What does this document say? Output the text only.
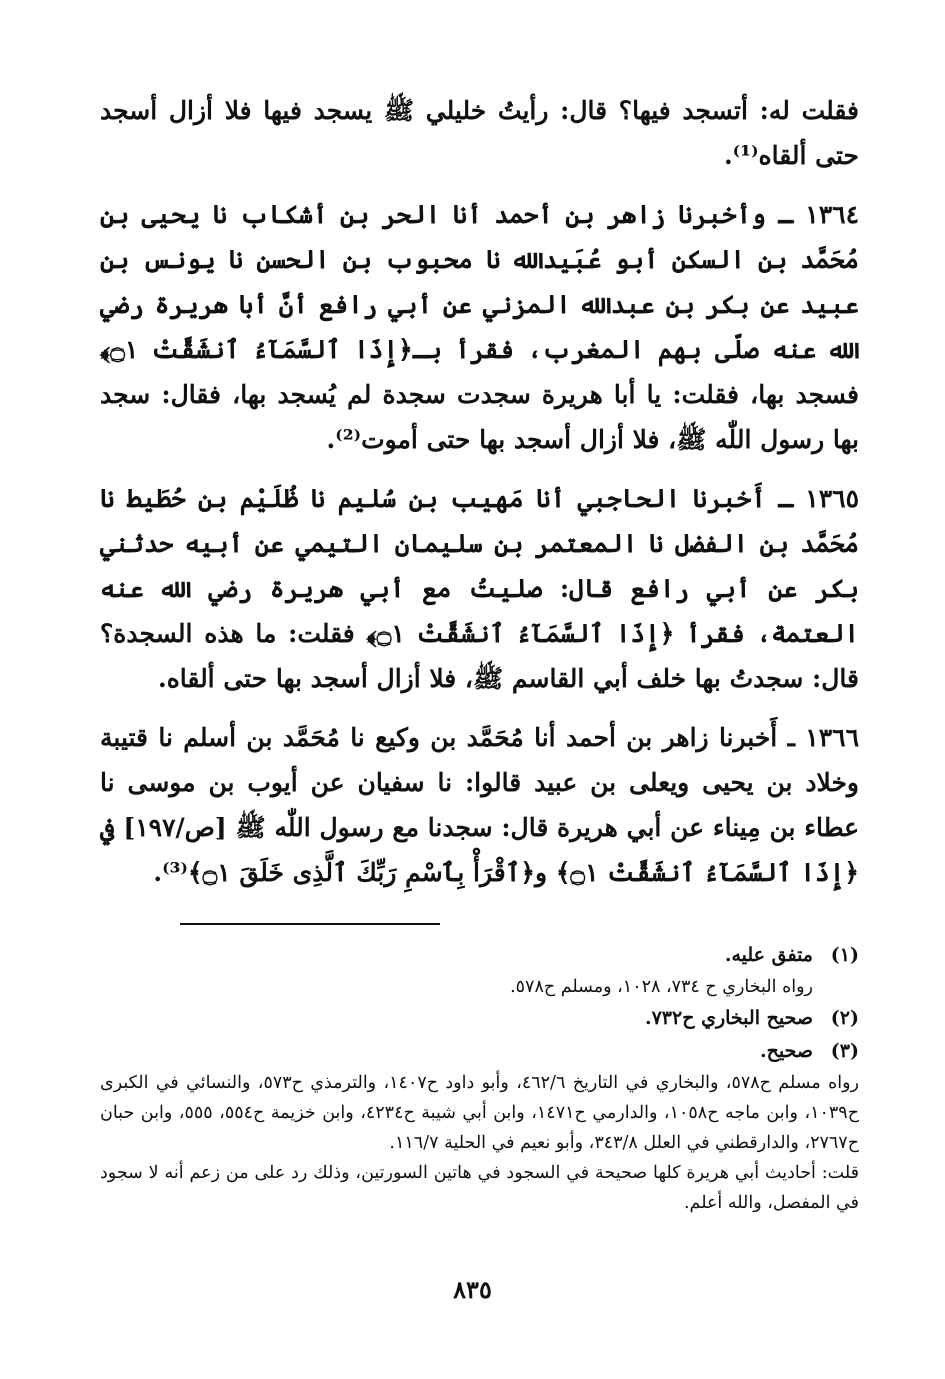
فقلت له: أتسجد فيها؟ قال: رأيتُ خليلي ﷺ يسجد فيها فلا أزال أسجد حتى ألقاه⁽¹⁾.

١٣٦٤ ـ وأخبرنا زاهر بن أحمد أنا الحر بن أشكاب نا يحيى بن مُحَمَّد بن السكن أبو عُبَيدالله نا محبوب بن الحسن نا يونس بن عبيد عن بكر بن عبدالله المزني عن أبي رافع أنَّ أبا هريرة رضي الله عنه صلّى بهم المغرب، فقرأ بـ﴿إِذَا ٱلسَّمَآءُ ٱنشَقَّتْ ۝١﴾ فسجد بها، فقلت: يا أبا هريرة سجدت سجدة لم يُسجد بها، فقال: سجد بها رسول اللّٰه ﷺ، فلا أزال أسجد بها حتى أموت⁽²⁾.

١٣٦٥ ـ أَخبرنا الحاجبي أنا مَهيب بن سُليم نا ظُلَيْم بن حُطَيط نا مُحَمَّد بن الفضل نا المعتمر بن سليمان التيمي عن أبيه حدثني بكر عن أبي رافع قال: صليتُ مع أبي هريرة رضي الله عنه العتمة، فقرأ ﴿إِذَا ٱلسَّمَآءُ ٱنشَقَّتْ ۝١﴾ فقلت: ما هذه السجدة؟ قال: سجدتُ بها خلف أبي القاسم ﷺ، فلا أزال أسجد بها حتى ألقاه.

١٣٦٦ ـ أَخبرنا زاهر بن أحمد أنا مُحَمَّد بن وكيع نا مُحَمَّد بن أسلم نا قتيبة وخلاد بن يحيى ويعلى بن عبيد قالوا: نا سفيان عن أيوب بن موسى نا عطاء بن مِيناء عن أبي هريرة قال: سجدنا مع رسول اللّٰه ﷺ [ص/١٩٧] في ﴿إِذَا ٱلسَّمَآءُ ٱنشَقَّتْ ۝١﴾ و﴿ٱقْرَأْ بِٱسْمِ رَبِّكَ ٱلَّذِى خَلَقَ ۝١﴾⁽³⁾.

(١)
متفق عليه.

رواه البخاري ح ٧٣٤، ١٠٢٨، ومسلم ح٥٧٨.

(٢)
صحيح البخاري ح٧٣٢.
(٣)
صحيح.

رواه مسلم ح٥٧٨، والبخاري في التاريخ ٤٦٢/٦، وأبو داود ح١٤٠٧، والترمذي ح٥٧٣، والنسائي في الكبرى ح١٠٣٩، وابن ماجه ح١٠٥٨، والدارمي ح١٤٧١، وابن أبي شيبة ح٤٢٣٤، وابن خزيمة ح٥٥٤، ٥٥٥، وابن حبان ح٢٧٦٧، والدارقطني في العلل ٣٤٣/٨، وأبو نعيم في الحلية ١١٦/٧.

قلت: أحاديث أبي هريرة كلها صحيحة في السجود في هاتين السورتين، وذلك رد على من زعم أنه لا سجود في المفصل، والله أعلم.

٨٣٥
